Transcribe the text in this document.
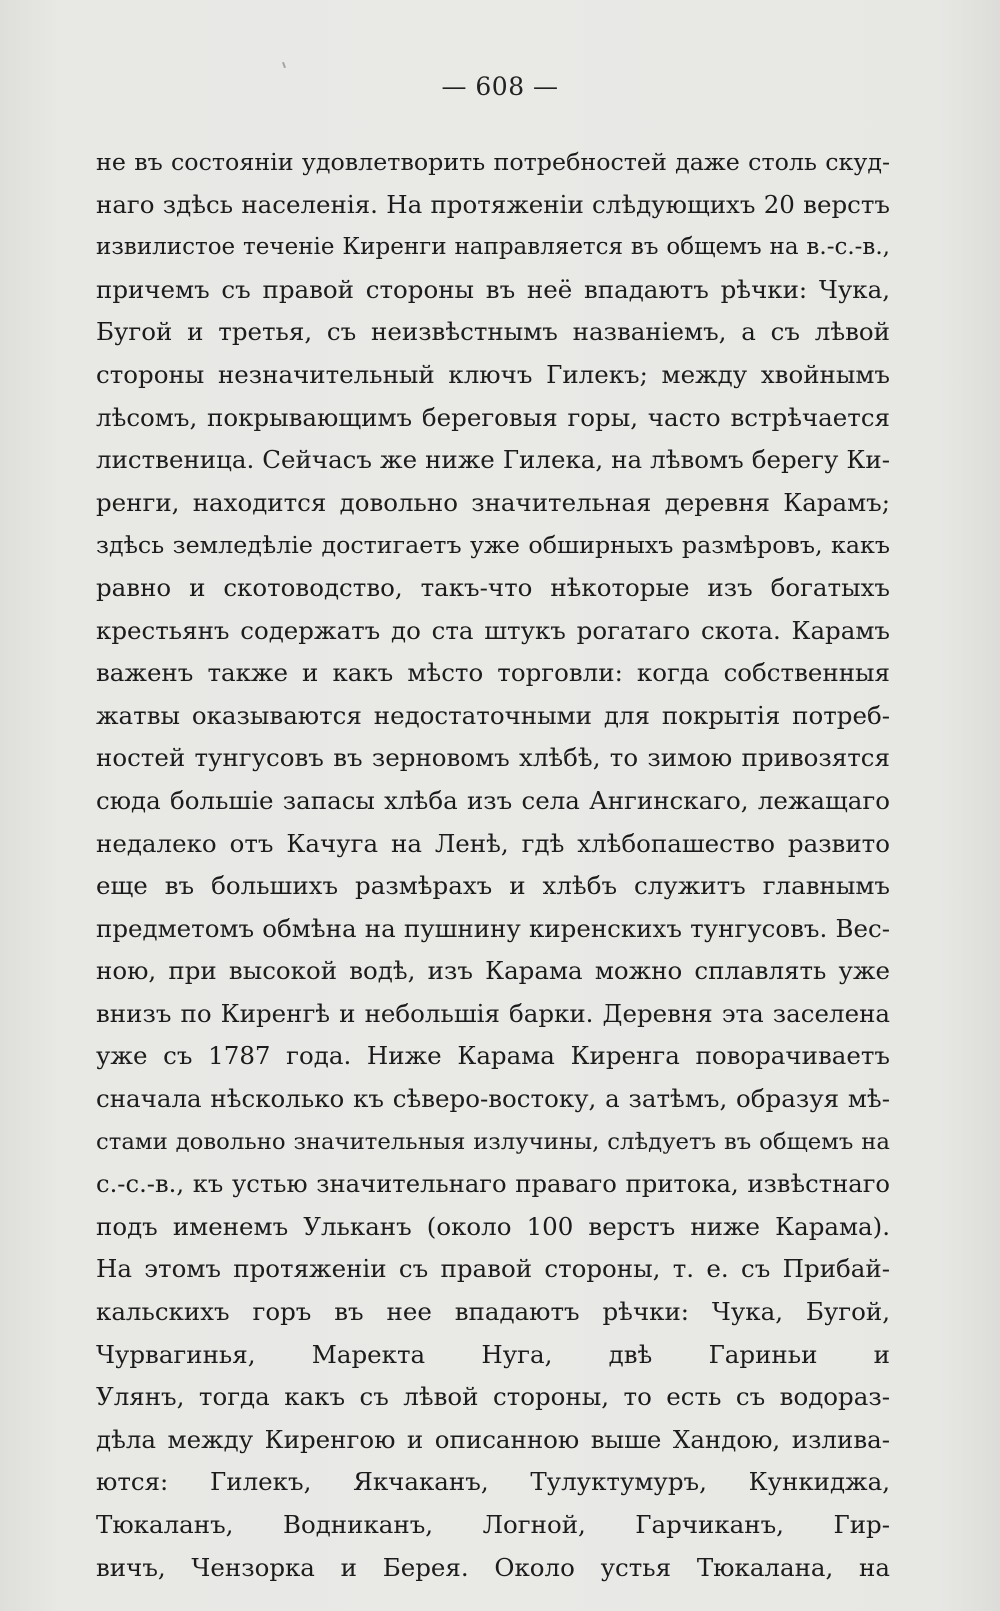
— 608 —
не въ состоянiи удовлетворить потребностей даже столь скуд-
наго здѣсь населенiя. На протяженiи слѣдующихъ 20 верстъ
извилистое теченiе Киренги направляется въ общемъ на в.-с.-в.,
причемъ съ правой стороны въ неё впадаютъ рѣчки: Чука,
Бугой и третья, съ неизвѣстнымъ названiемъ, а съ лѣвой
стороны незначительный ключъ Гилекъ; между хвойнымъ
лѣсомъ, покрывающимъ береговыя горы, часто встрѣчается
лиственица. Сейчасъ же ниже Гилека, на лѣвомъ берегу Ки-
ренги, находится довольно значительная деревня Карамъ;
здѣсь земледѣлiе достигаетъ уже обширныхъ размѣровъ, какъ
равно и скотоводство, такъ-что нѣкоторые изъ богатыхъ
крестьянъ содержатъ до ста штукъ рогатаго скота. Карамъ
важенъ также и какъ мѣсто торговли: когда собственныя
жатвы оказываются недостаточными для покрытiя потреб-
ностей тунгусовъ въ зерновомъ хлѣбѣ, то зимою привозятся
сюда большiе запасы хлѣба изъ села Ангинскаго, лежащаго
недалеко отъ Качуга на Ленѣ, гдѣ хлѣбопашество развито
еще въ большихъ размѣрахъ и хлѣбъ служитъ главнымъ
предметомъ обмѣна на пушнину киренскихъ тунгусовъ. Вес-
ною, при высокой водѣ, изъ Карама можно сплавлять уже
внизъ по Киренгѣ и небольшiя барки. Деревня эта заселена
уже съ 1787 года. Ниже Карама Киренга поворачиваетъ
сначала нѣсколько къ сѣверо-востоку, а затѣмъ, образуя мѣ-
стами довольно значительныя излучины, слѣдуетъ въ общемъ на
с.-с.-в., къ устью значительнаго праваго притока, извѣстнаго
подъ именемъ Ульканъ (около 100 верстъ ниже Карама).
На этомъ протяженiи съ правой стороны, т. е. съ Прибай-
кальскихъ горъ въ нее впадаютъ рѣчки: Чука, Бугой,
Чурвагинья, Маректа Нуга, двѣ Гариньи и
Улянъ, тогда какъ съ лѣвой стороны, то есть съ водораз-
дѣла между Киренгою и описанною выше Хандою, излива-
ются: Гилекъ, Якчаканъ, Тулуктумуръ, Кункиджа,
Тюкаланъ, Водниканъ, Логной, Гарчиканъ, Гир-
вичъ, Чензорка и Берея. Около устья Тюкалана, на
